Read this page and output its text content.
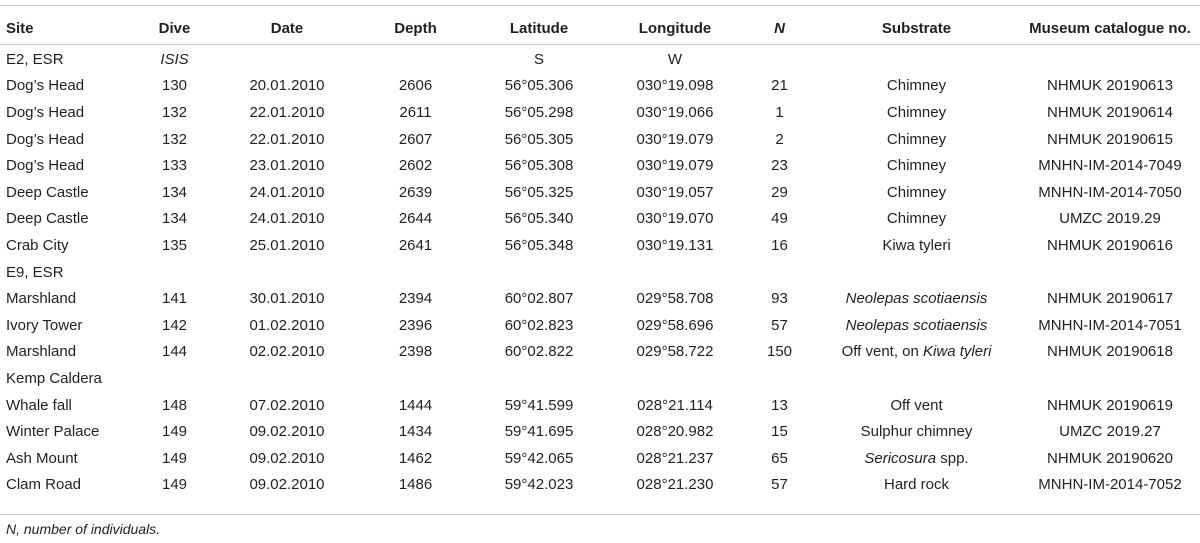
Site	Dive	Date	Depth	Latitude	Longitude	N	Substrate	Museum catalogue no.
E2, ESR	ISIS			S	W			
Dog’s Head	130	20.01.2010	2606	56°05.306	030°19.098	21	Chimney	NHMUK 20190613
Dog’s Head	132	22.01.2010	2611	56°05.298	030°19.066	1	Chimney	NHMUK 20190614
Dog’s Head	132	22.01.2010	2607	56°05.305	030°19.079	2	Chimney	NHMUK 20190615
Dog’s Head	133	23.01.2010	2602	56°05.308	030°19.079	23	Chimney	MNHN-IM-2014-7049
Deep Castle	134	24.01.2010	2639	56°05.325	030°19.057	29	Chimney	MNHN-IM-2014-7050
Deep Castle	134	24.01.2010	2644	56°05.340	030°19.070	49	Chimney	UMZC 2019.29
Crab City	135	25.01.2010	2641	56°05.348	030°19.131	16	Kiwa tyleri	NHMUK 20190616
E9, ESR								
Marshland	141	30.01.2010	2394	60°02.807	029°58.708	93	Neolepas scotiaensis	NHMUK 20190617
Ivory Tower	142	01.02.2010	2396	60°02.823	029°58.696	57	Neolepas scotiaensis	MNHN-IM-2014-7051
Marshland	144	02.02.2010	2398	60°02.822	029°58.722	150	Off vent, on Kiwa tyleri	NHMUK 20190618
Kemp Caldera								
Whale fall	148	07.02.2010	1444	59°41.599	028°21.114	13	Off vent	NHMUK 20190619
Winter Palace	149	09.02.2010	1434	59°41.695	028°20.982	15	Sulphur chimney	UMZC 2019.27
Ash Mount	149	09.02.2010	1462	59°42.065	028°21.237	65	Sericosura spp.	NHMUK 20190620
Clam Road	149	09.02.2010	1486	59°42.023	028°21.230	57	Hard rock	MNHN-IM-2014-7052
N, number of individuals.
